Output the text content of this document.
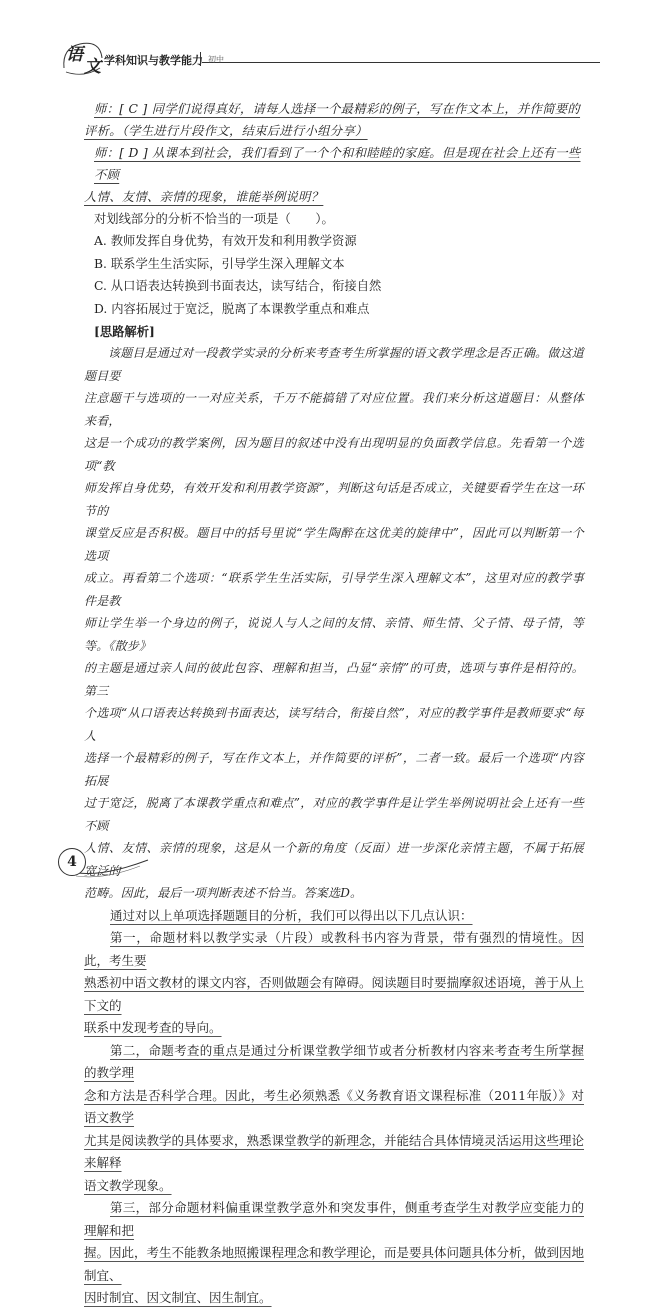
语
文 学科知识与教学能力 初中

师：[ C ] 同学们说得真好，请每人选择一个最精彩的例子，写在作文本上，并作简要的

评析。（学生进行片段作文，结束后进行小组分享）

师：[ D ] 从课本到社会，我们看到了一个个和和睦睦的家庭。但是现在社会上还有一些不顾

人情、友情、亲情的现象，谁能举例说明？

对划线部分的分析不恰当的一项是（　　）。

A. 教师发挥自身优势，有效开发和利用教学资源

B. 联系学生生活实际，引导学生深入理解文本

C. 从口语表达转换到书面表达，读写结合，衔接自然

D. 内容拓展过于宽泛，脱离了本课教学重点和难点

[思路解析]

该题目是通过对一段教学实录的分析来考查考生所掌握的语文教学理念是否正确。做这道题目要

注意题干与选项的一一对应关系，千万不能搞错了对应位置。我们来分析这道题目：从整体来看，

这是一个成功的教学案例，因为题目的叙述中没有出现明显的负面教学信息。先看第一个选项“教

师发挥自身优势，有效开发和利用教学资源”，判断这句话是否成立，关键要看学生在这一环节的

课堂反应是否积极。题目中的括号里说“学生陶醉在这优美的旋律中”，因此可以判断第一个选项

成立。再看第二个选项：“联系学生生活实际，引导学生深入理解文本”，这里对应的教学事件是教

师让学生举一个身边的例子，说说人与人之间的友情、亲情、师生情、父子情、母子情，等等。《散步》

的主题是通过亲人间的彼此包容、理解和担当，凸显“亲情”的可贵，选项与事件是相符的。第三

个选项“从口语表达转换到书面表达，读写结合，衔接自然”，对应的教学事件是教师要求“每人

选择一个最精彩的例子，写在作文本上，并作简要的评析”，二者一致。最后一个选项“内容拓展

过于宽泛，脱离了本课教学重点和难点”，对应的教学事件是让学生举例说明社会上还有一些不顾

人情、友情、亲情的现象，这是从一个新的角度（反面）进一步深化亲情主题，不属于拓展宽泛的

范畴。因此，最后一项判断表述不恰当。答案选D。

通过对以上单项选择题题目的分析，我们可以得出以下几点认识：

第一，命题材料以教学实录（片段）或教科书内容为背景，带有强烈的情境性。因此，考生要

熟悉初中语文教材的课文内容，否则做题会有障碍。阅读题目时要揣摩叙述语境，善于从上下文的

联系中发现考查的导向。

第二，命题考查的重点是通过分析课堂教学细节或者分析教材内容来考查考生所掌握的教学理

念和方法是否科学合理。因此，考生必须熟悉《义务教育语文课程标准（2011年版）》对语文教学

尤其是阅读教学的具体要求，熟悉课堂教学的新理念，并能结合具体情境灵活运用这些理论来解释

语文教学现象。

第三，部分命题材料偏重课堂教学意外和突发事件，侧重考查学生对教学应变能力的理解和把

握。因此，考生不能教条地照搬课程理念和教学理论，而是要具体问题具体分析，做到因地制宜、

因时制宜、因文制宜、因生制宜。

4
